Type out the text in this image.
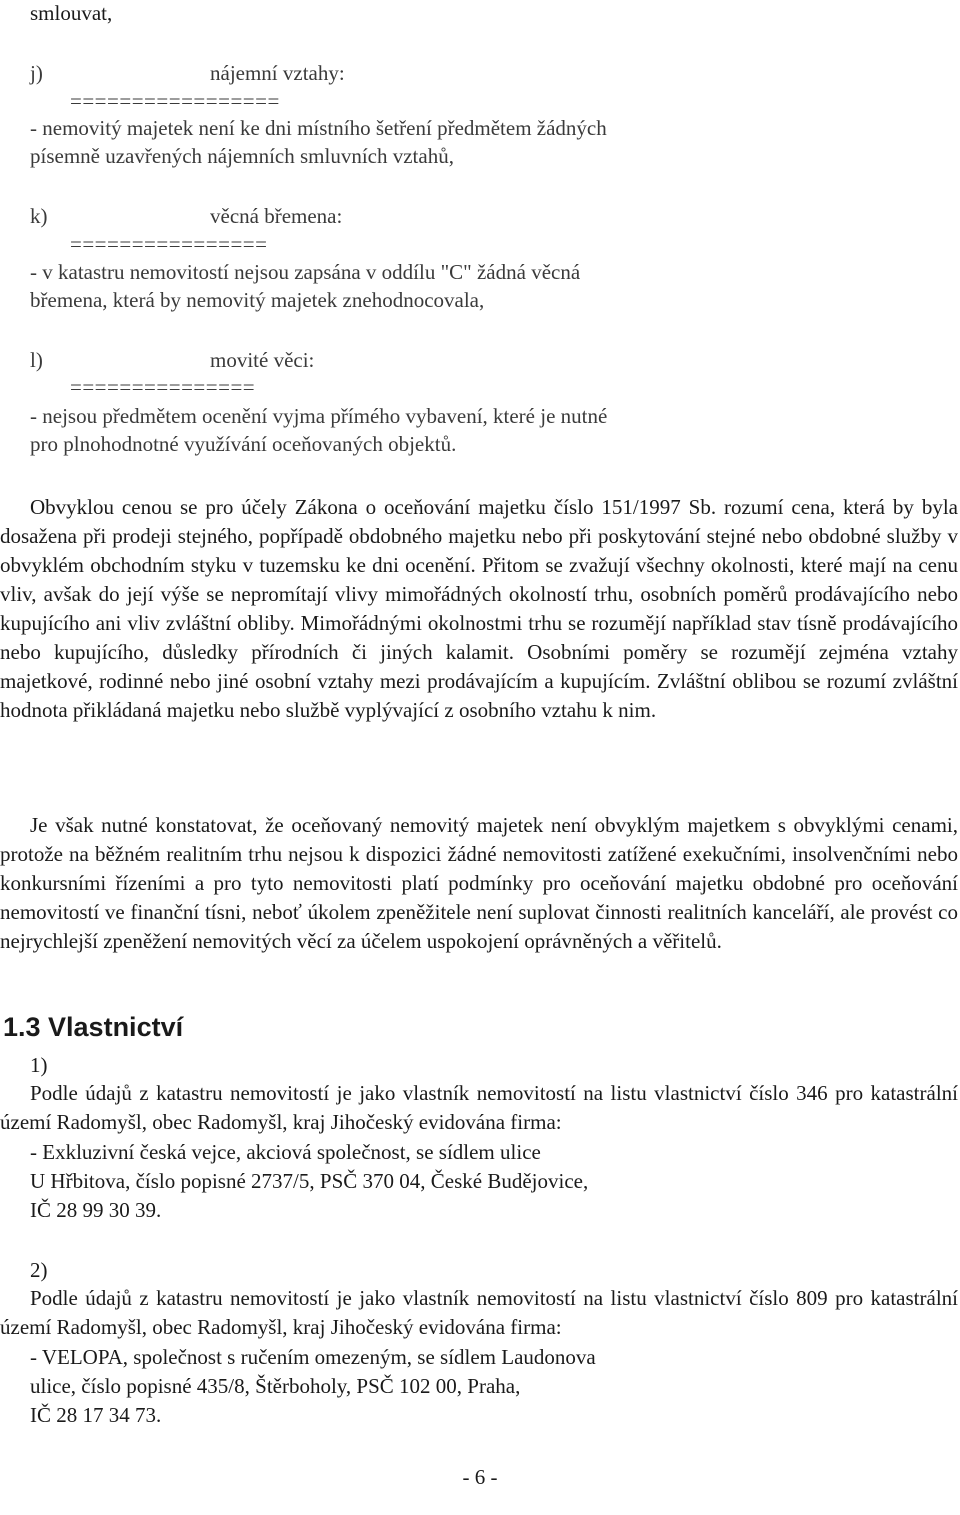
smlouvat,
j)	nájemní vztahy:
=================
- nemovitý majetek není ke dni místního šetření předmětem žádných
písemně uzavřených nájemních smluvních vztahů,
k)	věcná břemena:
================
- v katastru nemovitostí nejsou zapsána v oddílu "C" žádná věcná
břemena, která by nemovitý majetek znehodnocovala,
l)	movité věci:
===============
- nejsou předmětem ocenění vyjma přímého vybavení, které je nutné
pro plnohodnotné využívání oceňovaných objektů.
Obvyklou cenou se pro účely Zákona o oceňování majetku číslo 151/1997 Sb. rozumí cena, která by byla dosažena při prodeji stejného, popřípadě obdobného majetku nebo při poskytování stejné nebo obdobné služby v obvyklém obchodním styku v tuzemsku ke dni ocenění. Přitom se zvažují všechny okolnosti, které mají na cenu vliv, avšak do její výše se nepromítají vlivy mimořádných okolností trhu, osobních poměrů prodávajícího nebo kupujícího ani vliv zvláštní obliby. Mimořádnými okolnostmi trhu se rozumějí například stav tísně prodávajícího nebo kupujícího, důsledky přírodních či jiných kalamit. Osobními poměry se rozumějí zejména vztahy majetkové, rodinné nebo jiné osobní vztahy mezi prodávajícím a kupujícím. Zvláštní oblibou se rozumí zvláštní hodnota přikládaná majetku nebo službě vyplývající z osobního vztahu k nim.
Je však nutné konstatovat, že oceňovaný nemovitý majetek není obvyklým majetkem s obvyklými cenami, protože na běžném realitním trhu nejsou k dispozici žádné nemovitosti zatížené exekučními, insolvenčními nebo konkursními řízeními a pro tyto nemovitosti platí podmínky pro oceňování majetku obdobné pro oceňování nemovitostí ve finanční tísni, neboť úkolem zpeněžitele není suplovat činnosti realitních kanceláří, ale provést co nejrychlejší zpeněžení nemovitých věcí za účelem uspokojení oprávněných a věřitelů.
1.3 Vlastnictví
1)
Podle údajů z katastru nemovitostí je jako vlastník nemovitostí na listu vlastnictví číslo 346 pro katastrální území Radomyšl, obec Radomyšl, kraj Jihočeský evidována firma:
- Exkluzivní česká vejce, akciová společnost, se sídlem ulice
U Hřbitova, číslo popisné 2737/5, PSČ 370 04, České Budějovice,
IČ 28 99 30 39.
2)
Podle údajů z katastru nemovitostí je jako vlastník nemovitostí na listu vlastnictví číslo 809 pro katastrální území Radomyšl, obec Radomyšl, kraj Jihočeský evidována firma:
- VELOPA, společnost s ručením omezeným, se sídlem Laudonova
ulice, číslo popisné 435/8, Štěrboholy, PSČ 102 00, Praha,
IČ 28 17 34 73.
- 6 -
